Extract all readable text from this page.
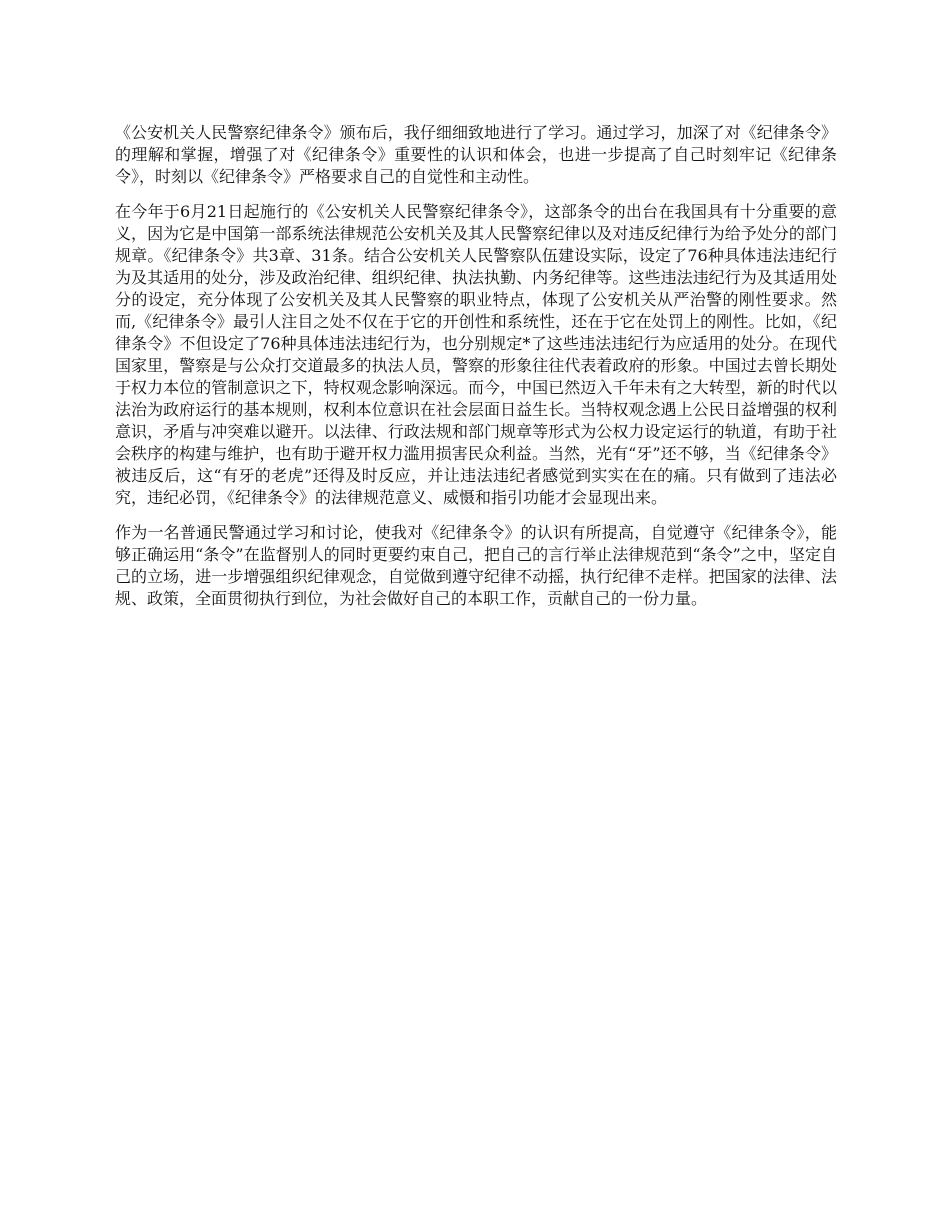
《公安机关人民警察纪律条令》颁布后，我仔细细致地进行了学习。通过学习，加深了对《纪律条令》的理解和掌握，增强了对《纪律条令》重要性的认识和体会，也进一步提高了自己时刻牢记《纪律条令》，时刻以《纪律条令》严格要求自己的自觉性和主动性。

在今年于6月21日起施行的《公安机关人民警察纪律条令》，这部条令的出台在我国具有十分重要的意义，因为它是中国第一部系统法律规范公安机关及其人民警察纪律以及对违反纪律行为给予处分的部门规章。《纪律条令》共3章、31条。结合公安机关人民警察队伍建设实际，设定了76种具体违法违纪行为及其适用的处分，涉及政治纪律、组织纪律、执法执勤、内务纪律等。这些违法违纪行为及其适用处分的设定，充分体现了公安机关及其人民警察的职业特点，体现了公安机关从严治警的刚性要求。然而,《纪律条令》最引人注目之处不仅在于它的开创性和系统性，还在于它在处罚上的刚性。比如，《纪律条令》不但设定了76种具体违法违纪行为，也分别规定*了这些违法违纪行为应适用的处分。在现代国家里，警察是与公众打交道最多的执法人员，警察的形象往往代表着政府的形象。中国过去曾长期处于权力本位的管制意识之下，特权观念影响深远。而今，中国已然迈入千年未有之大转型，新的时代以法治为政府运行的基本规则，权利本位意识在社会层面日益生长。当特权观念遇上公民日益增强的权利意识，矛盾与冲突难以避开。以法律、行政法规和部门规章等形式为公权力设定运行的轨道，有助于社会秩序的构建与维护，也有助于避开权力滥用损害民众利益。当然，光有“牙”还不够，当《纪律条令》被违反后，这“有牙的老虎”还得及时反应，并让违法违纪者感觉到实实在在的痛。只有做到了违法必究，违纪必罚，《纪律条令》的法律规范意义、威慑和指引功能才会显现出来。

作为一名普通民警通过学习和讨论，使我对《纪律条令》的认识有所提高，自觉遵守《纪律条令》，能够正确运用“条令”在监督别人的同时更要约束自己，把自己的言行举止法律规范到“条令”之中，坚定自己的立场，进一步增强组织纪律观念，自觉做到遵守纪律不动摇，执行纪律不走样。把国家的法律、法规、政策，全面贯彻执行到位，为社会做好自己的本职工作，贡献自己的一份力量。
